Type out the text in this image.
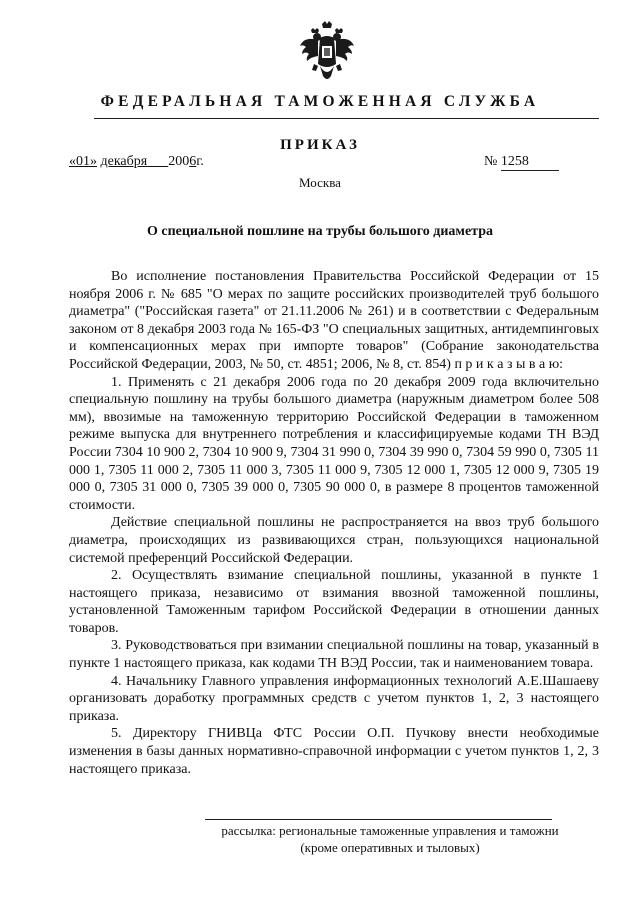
ФЕДЕРАЛЬНАЯ ТАМОЖЕННАЯ СЛУЖБА
ПРИКАЗ
«01» декабря 2006г.	№ 1258
Москва
О специальной пошлине на трубы большого диаметра

Во исполнение постановления Правительства Российской Федерации от 15 ноября 2006 г. № 685 "О мерах по защите российских производителей труб большого диаметра" ("Российская газета" от 21.11.2006 № 261) и в соответствии с Федеральным законом от 8 декабря 2003 года № 165-ФЗ "О специальных защитных, антидемпинговых и компенсационных мерах при импорте товаров" (Собрание законодательства Российской Федерации, 2003, № 50, ст. 4851; 2006, № 8, ст. 854) п р и к а з ы в а ю:

1. Применять с 21 декабря 2006 года по 20 декабря 2009 года включительно специальную пошлину на трубы большого диаметра (наружным диаметром более 508 мм), ввозимые на таможенную территорию Российской Федерации в таможенном режиме выпуска для внутреннего потребления и классифицируемые кодами ТН ВЭД России 7304 10 900 2, 7304 10 900 9, 7304 31 990 0, 7304 39 990 0, 7304 59 990 0, 7305 11 000 1, 7305 11 000 2, 7305 11 000 3, 7305 11 000 9, 7305 12 000 1, 7305 12 000 9, 7305 19 000 0, 7305 31 000 0, 7305 39 000 0, 7305 90 000 0, в размере 8 процентов таможенной стоимости.

Действие специальной пошлины не распространяется на ввоз труб большого диаметра, происходящих из развивающихся стран, пользующихся национальной системой преференций Российской Федерации.

2. Осуществлять взимание специальной пошлины, указанной в пункте 1 настоящего приказа, независимо от взимания ввозной таможенной пошлины, установленной Таможенным тарифом Российской Федерации в отношении данных товаров.

3. Руководствоваться при взимании специальной пошлины на товар, указанный в пункте 1 настоящего приказа, как кодами ТН ВЭД России, так и наименованием товара.

4. Начальнику Главного управления информационных технологий А.Е.Шашаеву организовать доработку программных средств с учетом пунктов 1, 2, 3 настоящего приказа.

5. Директору ГНИВЦа ФТС России О.П. Пучкову внести необходимые изменения в базы данных нормативно-справочной информации с учетом пунктов 1, 2, 3 настоящего приказа.

рассылка: региональные таможенные управления и таможни
(кроме оперативных и тыловых)
